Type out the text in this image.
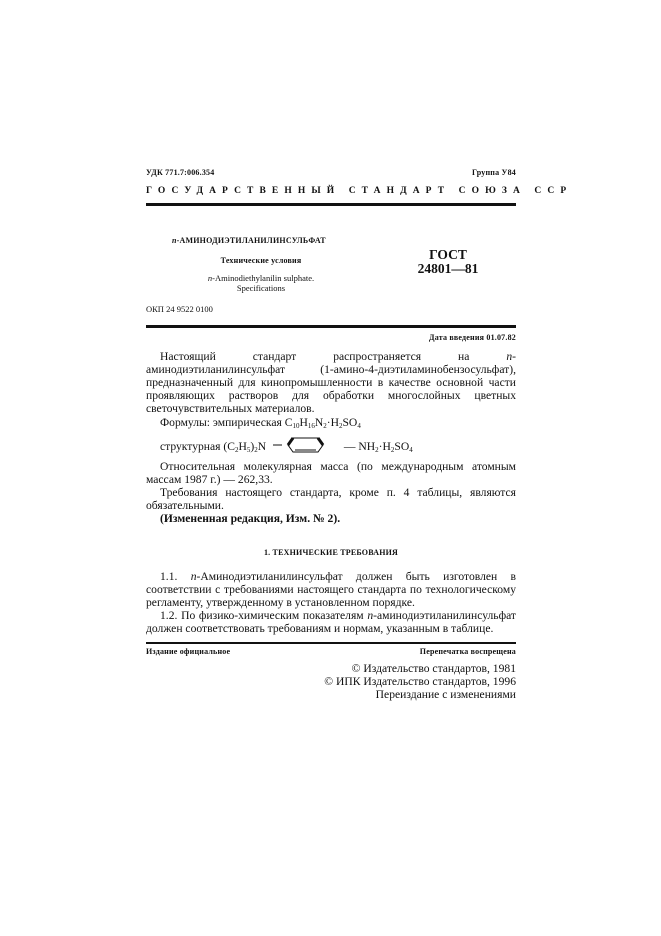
УДК 771.7:006.354	Группа У84
ГОСУДАРСТВЕННЫЙ СТАНДАРТ СОЮЗА ССР
n-АМИНОДИЭТИЛАНИЛИНСУЛЬФАТ
Технические условия
n-Aminodiethylanilin sulphate.
Specifications
ГОСТ
24801—81
ОКП 24 9522 0100
Дата введения 01.07.82

Настоящий стандарт распространяется на n-аминодиэтиланилинсульфат (1-амино-4-диэтиламинобензосульфат), предназначенный для кинопромышленности в качестве основной части проявляющих растворов для обработки многослойных цветных светочувствительных материалов.

Формулы: эмпирическая $C_{10}H_{16}N_2\cdot H_2SO_4$

структурная $(C_2H_5)_2N$	— $NH_2\cdot H_2SO_4$

Относительная молекулярная масса (по международным атомным массам 1987 г.) — 262,33.

Требования настоящего стандарта, кроме п. 4 таблицы, являются обязательными.

(Измененная редакция, Изм. № 2).

1. ТЕХНИЧЕСКИЕ ТРЕБОВАНИЯ

1.1. n-Аминодиэтиланилинсульфат должен быть изготовлен в соответствии с требованиями настоящего стандарта по технологическому регламенту, утвержденному в установленном порядке.

1.2. По физико-химическим показателям n-аминодиэтиланилинсульфат должен соответствовать требованиям и нормам, указанным в таблице.

Издание официальное	Перепечатка воспрещена
© Издательство стандартов, 1981
© ИПК Издательство стандартов, 1996
Переиздание с изменениями
